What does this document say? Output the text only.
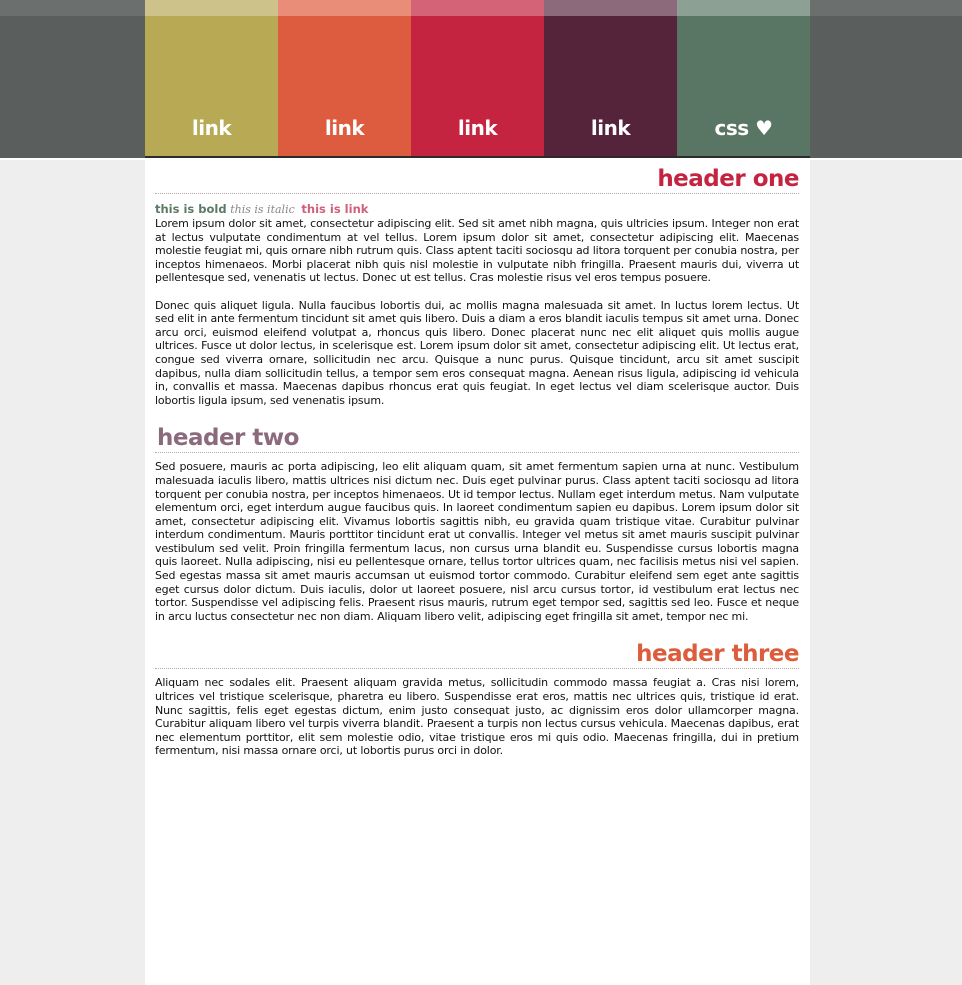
link	link	link	link	css ♥
header one
this is bold this is italic this is link

Lorem ipsum dolor sit amet, consectetur adipiscing elit. Sed sit amet nibh magna, quis ultricies ipsum. Integer non erat at lectus vulputate condimentum at vel tellus. Lorem ipsum dolor sit amet, consectetur adipiscing elit. Maecenas molestie feugiat mi, quis ornare nibh rutrum quis. Class aptent taciti sociosqu ad litora torquent per conubia nostra, per inceptos himenaeos. Morbi placerat nibh quis nisl molestie in vulputate nibh fringilla. Praesent mauris dui, viverra ut pellentesque sed, venenatis ut lectus. Donec ut est tellus. Cras molestie risus vel eros tempus posuere.

Donec quis aliquet ligula. Nulla faucibus lobortis dui, ac mollis magna malesuada sit amet. In luctus lorem lectus. Ut sed elit in ante fermentum tincidunt sit amet quis libero. Duis a diam a eros blandit iaculis tempus sit amet urna. Donec arcu orci, euismod eleifend volutpat a, rhoncus quis libero. Donec placerat nunc nec elit aliquet quis mollis augue ultrices. Fusce ut dolor lectus, in scelerisque est. Lorem ipsum dolor sit amet, consectetur adipiscing elit. Ut lectus erat, congue sed viverra ornare, sollicitudin nec arcu. Quisque a nunc purus. Quisque tincidunt, arcu sit amet suscipit dapibus, nulla diam sollicitudin tellus, a tempor sem eros consequat magna. Aenean risus ligula, adipiscing id vehicula in, convallis et massa. Maecenas dapibus rhoncus erat quis feugiat. In eget lectus vel diam scelerisque auctor. Duis lobortis ligula ipsum, sed venenatis ipsum.

header two

Sed posuere, mauris ac porta adipiscing, leo elit aliquam quam, sit amet fermentum sapien urna at nunc. Vestibulum malesuada iaculis libero, mattis ultrices nisi dictum nec. Duis eget pulvinar purus. Class aptent taciti sociosqu ad litora torquent per conubia nostra, per inceptos himenaeos. Ut id tempor lectus. Nullam eget interdum metus. Nam vulputate elementum orci, eget interdum augue faucibus quis. In laoreet condimentum sapien eu dapibus. Lorem ipsum dolor sit amet, consectetur adipiscing elit. Vivamus lobortis sagittis nibh, eu gravida quam tristique vitae. Curabitur pulvinar interdum condimentum. Mauris porttitor tincidunt erat ut convallis. Integer vel metus sit amet mauris suscipit pulvinar vestibulum sed velit. Proin fringilla fermentum lacus, non cursus urna blandit eu. Suspendisse cursus lobortis magna quis laoreet. Nulla adipiscing, nisi eu pellentesque ornare, tellus tortor ultrices quam, nec facilisis metus nisi vel sapien. Sed egestas massa sit amet mauris accumsan ut euismod tortor commodo. Curabitur eleifend sem eget ante sagittis eget cursus dolor dictum. Duis iaculis, dolor ut laoreet posuere, nisl arcu cursus tortor, id vestibulum erat lectus nec tortor. Suspendisse vel adipiscing felis. Praesent risus mauris, rutrum eget tempor sed, sagittis sed leo. Fusce et neque in arcu luctus consectetur nec non diam. Aliquam libero velit, adipiscing eget fringilla sit amet, tempor nec mi.

header three

Aliquam nec sodales elit. Praesent aliquam gravida metus, sollicitudin commodo massa feugiat a. Cras nisi lorem, ultrices vel tristique scelerisque, pharetra eu libero. Suspendisse erat eros, mattis nec ultrices quis, tristique id erat. Nunc sagittis, felis eget egestas dictum, enim justo consequat justo, ac dignissim eros dolor ullamcorper magna. Curabitur aliquam libero vel turpis viverra blandit. Praesent a turpis non lectus cursus vehicula. Maecenas dapibus, erat nec elementum porttitor, elit sem molestie odio, vitae tristique eros mi quis odio. Maecenas fringilla, dui in pretium fermentum, nisi massa ornare orci, ut lobortis purus orci in dolor.
